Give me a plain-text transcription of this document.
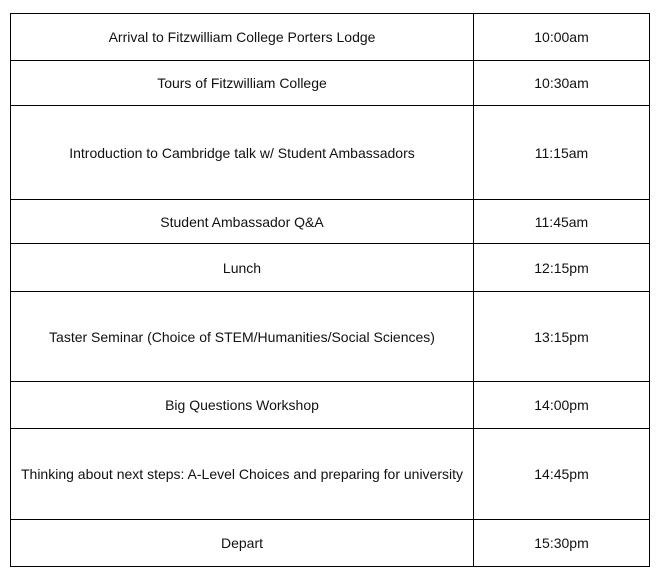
Arrival to Fitzwilliam College Porters Lodge	10:00am
Tours of Fitzwilliam College	10:30am
Introduction to Cambridge talk w/ Student Ambassadors	11:15am
Student Ambassador Q&A	11:45am
Lunch	12:15pm
Taster Seminar (Choice of STEM/Humanities/Social Sciences)	13:15pm
Big Questions Workshop	14:00pm
Thinking about next steps: A-Level Choices and preparing for university	14:45pm
Depart	15:30pm
